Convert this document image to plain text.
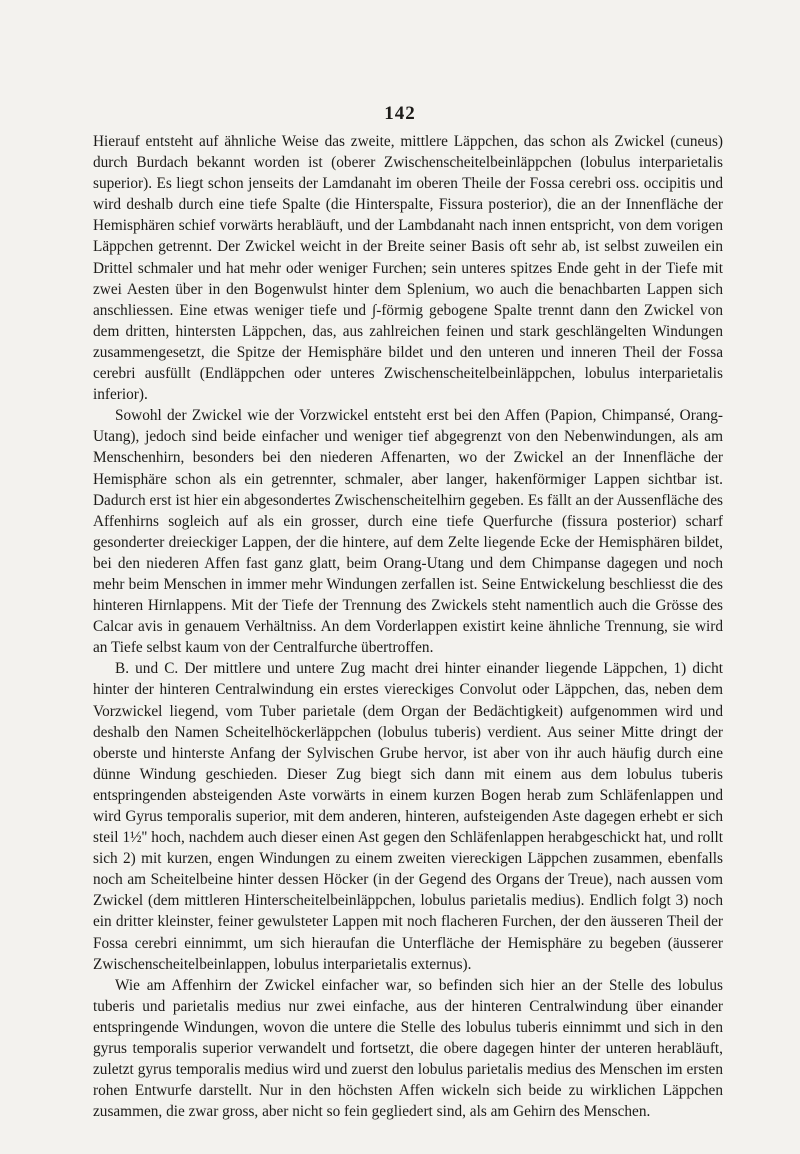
142

Hierauf entsteht auf ähnliche Weise das zweite, mittlere Läppchen, das schon als Zwickel (cuneus) durch Burdach bekannt worden ist (oberer Zwischenscheitelbeinläppchen (lobulus interparietalis superior). Es liegt schon jenseits der Lamdanaht im oberen Theile der Fossa cerebri oss. occipitis und wird deshalb durch eine tiefe Spalte (die Hinterspalte, Fissura posterior), die an der Innenfläche der Hemisphären schief vorwärts herabläuft, und der Lambdanaht nach innen entspricht, von dem vorigen Läppchen getrennt. Der Zwickel weicht in der Breite seiner Basis oft sehr ab, ist selbst zuweilen ein Drittel schmaler und hat mehr oder weniger Furchen; sein unteres spitzes Ende geht in der Tiefe mit zwei Aesten über in den Bogenwulst hinter dem Splenium, wo auch die benachbarten Lappen sich anschliessen. Eine etwas weniger tiefe und ∫-förmig gebogene Spalte trennt dann den Zwickel von dem dritten, hintersten Läppchen, das, aus zahlreichen feinen und stark geschlängelten Windungen zusammengesetzt, die Spitze der Hemisphäre bildet und den unteren und inneren Theil der Fossa cerebri ausfüllt (Endläppchen oder unteres Zwischenscheitelbeinläppchen, lobulus interparietalis inferior).

Sowohl der Zwickel wie der Vorzwickel entsteht erst bei den Affen (Papion, Chimpansé, Orang-Utang), jedoch sind beide einfacher und weniger tief abgegrenzt von den Nebenwindungen, als am Menschenhirn, besonders bei den niederen Affenarten, wo der Zwickel an der Innenfläche der Hemisphäre schon als ein getrennter, schmaler, aber langer, hakenförmiger Lappen sichtbar ist. Dadurch erst ist hier ein abgesondertes Zwischenscheitelhirn gegeben. Es fällt an der Aussenfläche des Affenhirns sogleich auf als ein grosser, durch eine tiefe Querfurche (fissura posterior) scharf gesonderter dreieckiger Lappen, der die hintere, auf dem Zelte liegende Ecke der Hemisphären bildet, bei den niederen Affen fast ganz glatt, beim Orang-Utang und dem Chimpanse dagegen und noch mehr beim Menschen in immer mehr Windungen zerfallen ist. Seine Entwickelung beschliesst die des hinteren Hirnlappens. Mit der Tiefe der Trennung des Zwickels steht namentlich auch die Grösse des Calcar avis in genauem Verhältniss. An dem Vorderlappen existirt keine ähnliche Trennung, sie wird an Tiefe selbst kaum von der Centralfurche übertroffen.

B. und C. Der mittlere und untere Zug macht drei hinter einander liegende Läppchen, 1) dicht hinter der hinteren Centralwindung ein erstes viereckiges Convolut oder Läppchen, das, neben dem Vorzwickel liegend, vom Tuber parietale (dem Organ der Bedächtigkeit) aufgenommen wird und deshalb den Namen Scheitelhöckerläppchen (lobulus tuberis) verdient. Aus seiner Mitte dringt der oberste und hinterste Anfang der Sylvischen Grube hervor, ist aber von ihr auch häufig durch eine dünne Windung geschieden. Dieser Zug biegt sich dann mit einem aus dem lobulus tuberis entspringenden absteigenden Aste vorwärts in einem kurzen Bogen herab zum Schläfenlappen und wird Gyrus temporalis superior, mit dem anderen, hinteren, aufsteigenden Aste dagegen erhebt er sich steil 1½'' hoch, nachdem auch dieser einen Ast gegen den Schläfenlappen herabgeschickt hat, und rollt sich 2) mit kurzen, engen Windungen zu einem zweiten viereckigen Läppchen zusammen, ebenfalls noch am Scheitelbeine hinter dessen Höcker (in der Gegend des Organs der Treue), nach aussen vom Zwickel (dem mittleren Hinterscheitelbeinläppchen, lobulus parietalis medius). Endlich folgt 3) noch ein dritter kleinster, feiner gewulsteter Lappen mit noch flacheren Furchen, der den äusseren Theil der Fossa cerebri einnimmt, um sich hieraufan die Unterfläche der Hemisphäre zu begeben (äusserer Zwischenscheitelbeinlappen, lobulus interparietalis externus).

Wie am Affenhirn der Zwickel einfacher war, so befinden sich hier an der Stelle des lobulus tuberis und parietalis medius nur zwei einfache, aus der hinteren Centralwindung über einander entspringende Windungen, wovon die untere die Stelle des lobulus tuberis einnimmt und sich in den gyrus temporalis superior verwandelt und fortsetzt, die obere dagegen hinter der unteren herabläuft, zuletzt gyrus temporalis medius wird und zuerst den lobulus parietalis medius des Menschen im ersten rohen Entwurfe darstellt. Nur in den höchsten Affen wickeln sich beide zu wirklichen Läppchen zusammen, die zwar gross, aber nicht so fein gegliedert sind, als am Gehirn des Menschen.
